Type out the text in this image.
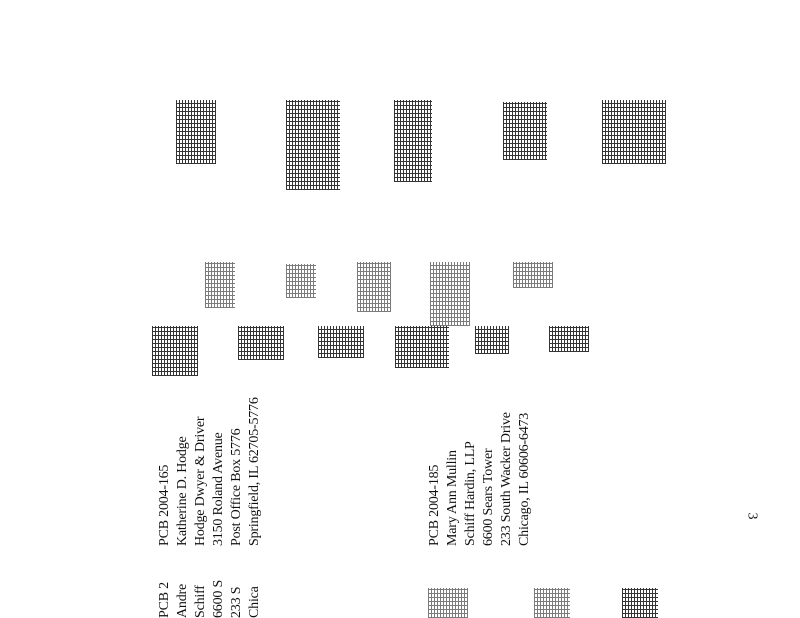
PCB 2004-165 Katherine D. Hodge Hodge Dwyer & Driver 3150 Roland Avenue Post Office Box 5776 Springfield, IL 62705-5776	PCB 2004-185 Mary Ann Mullin Schiff Hardin, LLP 6600 Sears Tower 233 South Wacker Drive Chicago, IL 60606-6473	3
PCB 2 Andre Schiff 6600 S 233 S Chica
